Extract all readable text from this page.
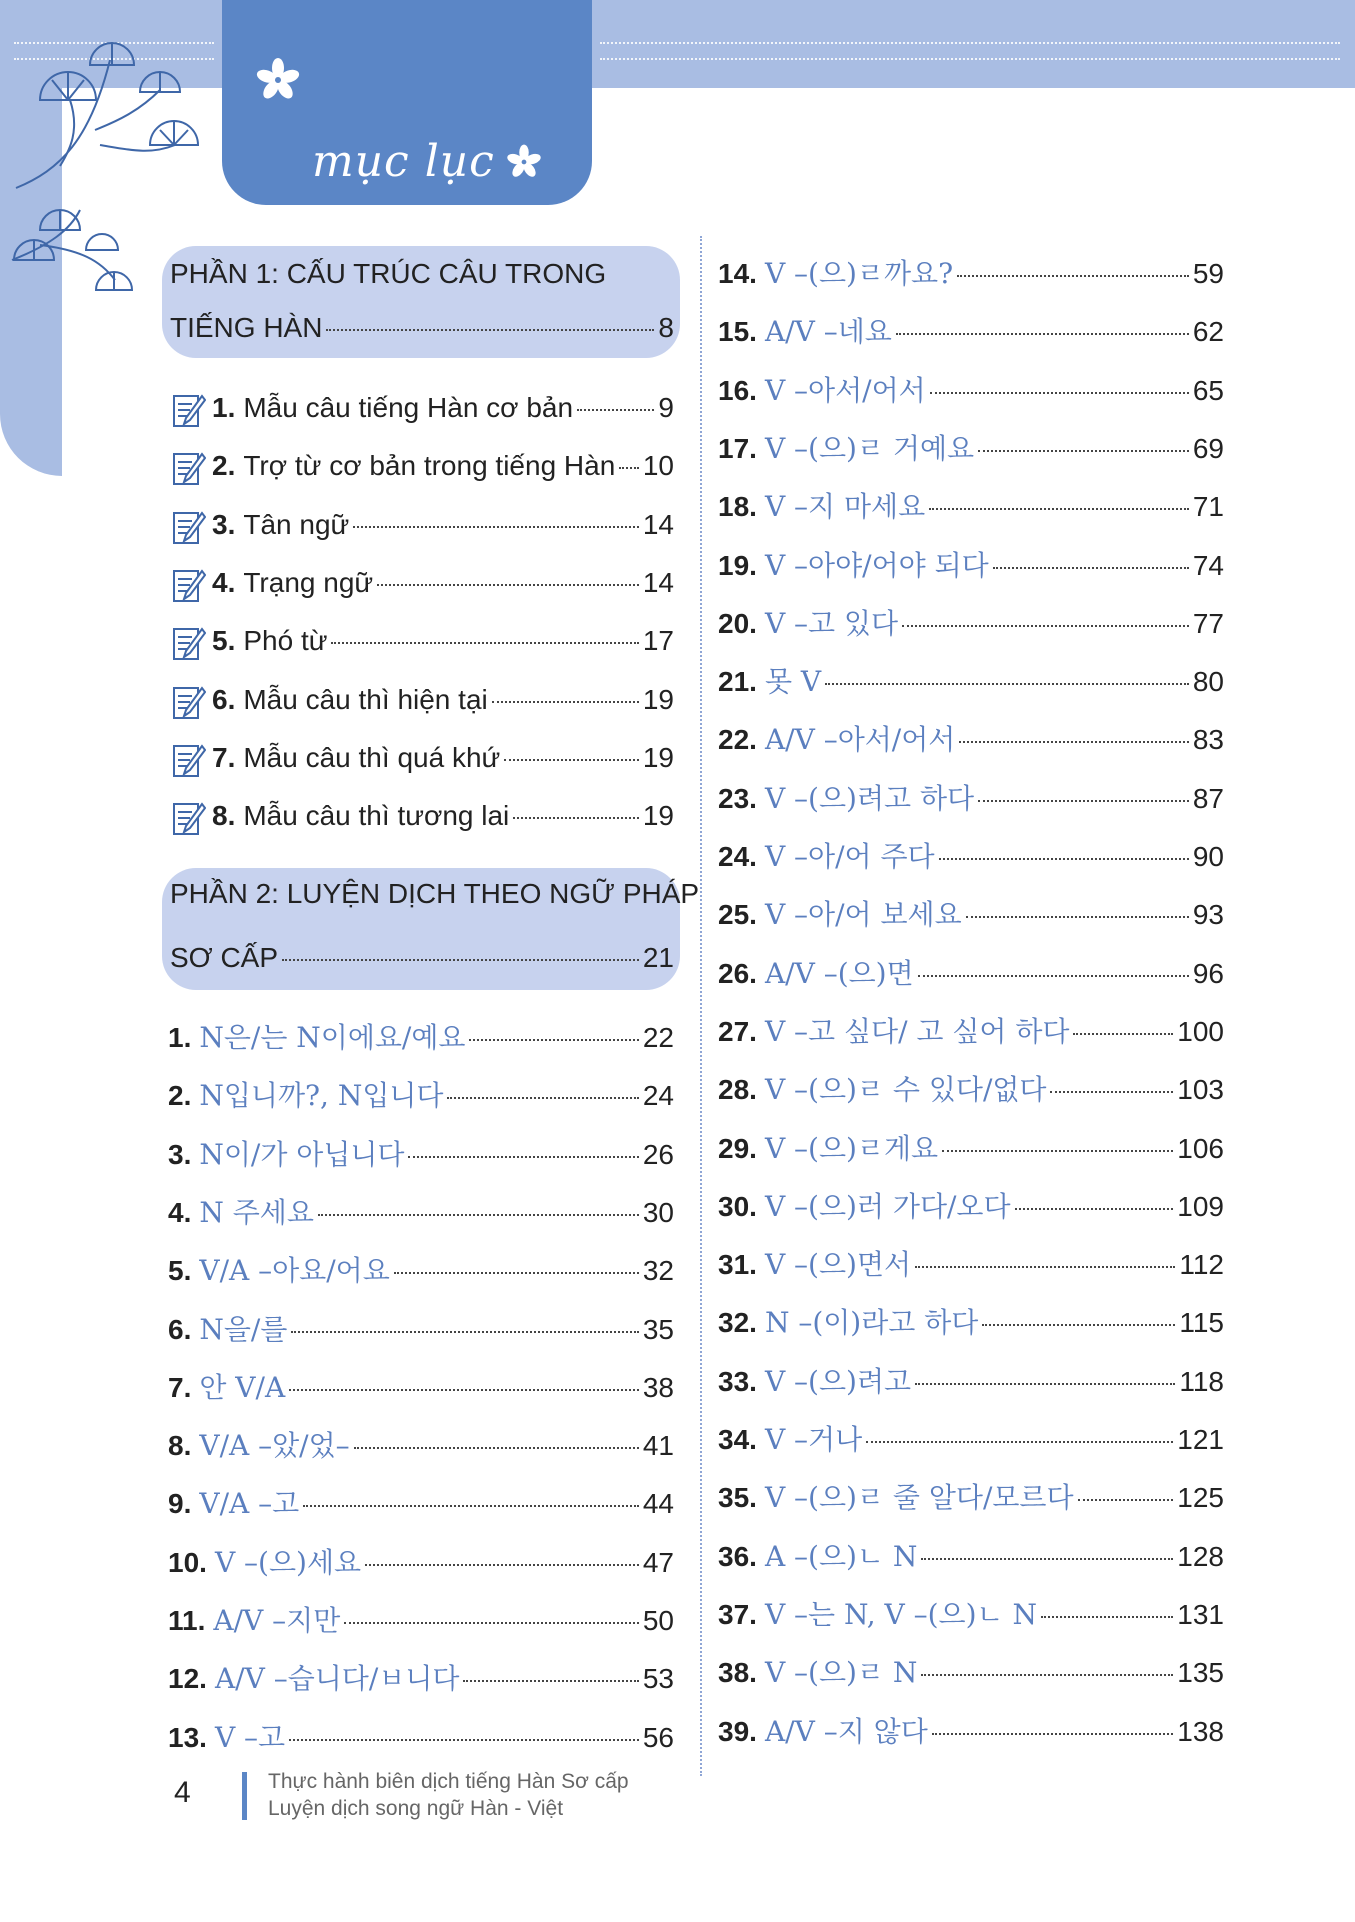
mục lục
PHẦN 1: CẤU TRÚC CÂU TRONG
TIẾNG HÀN	8
1. Mẫu câu tiếng Hàn cơ bản	9
2. Trợ từ cơ bản trong tiếng Hàn 10
3. Tân ngữ	14
4. Trạng ngữ	14
5. Phó từ	17
6. Mẫu câu thì hiện tại	19
7. Mẫu câu thì quá khứ	19
8. Mẫu câu thì tương lai	19
PHẦN 2: LUYỆN DỊCH THEO NGỮ PHÁP
SƠ CẤP	21
1. N은/는 N이에요/예요	22
2. N입니까?, N입니다	24
3. N이/가 아닙니다	26
4. N 주세요	30
5. V/A –아요/어요	32
6. N을/를	35
7. 안 V/A	38
8. V/A –았/었–	41
9. V/A –고	44
10. V –(으)세요	47
11. A/V –지만	50
12. A/V –습니다/ㅂ니다	53
13. V –고	56
14. V –(으)ㄹ까요?	59
15. A/V –네요	62
16. V –아서/어서	65
17. V –(으)ㄹ 거예요	69
18. V –지 마세요	71
19. V –아야/어야 되다	74
20. V –고 있다	77
21. 못 V	80
22. A/V –아서/어서	83
23. V –(으)려고 하다	87
24. V –아/어 주다	90
25. V –아/어 보세요	93
26. A/V –(으)면	96
27. V –고 싶다/ 고 싶어 하다	100
28. V –(으)ㄹ 수 있다/없다	103
29. V –(으)ㄹ게요	106
30. V –(으)러 가다/오다	109
31. V –(으)면서	112
32. N –(이)라고 하다	115
33. V –(으)려고	118
34. V –거나	121
35. V –(으)ㄹ 줄 알다/모르다	125
36. A –(으)ㄴ N	128
37. V –는 N, V –(으)ㄴ N	131
38. V –(으)ㄹ N	135
39. A/V –지 않다	138
4	Thực hành biên dịch tiếng Hàn Sơ cấp
Luyện dịch song ngữ Hàn - Việt
